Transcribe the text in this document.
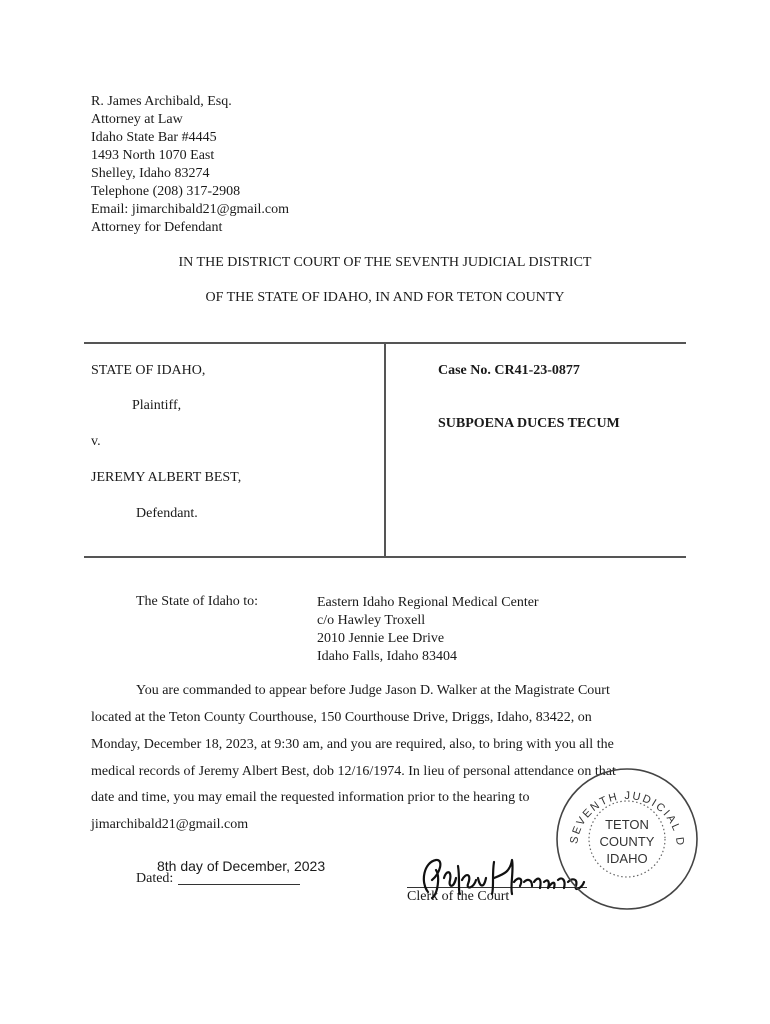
R. James Archibald, Esq.
Attorney at Law
Idaho State Bar #4445
1493 North 1070 East
Shelley, Idaho 83274
Telephone (208) 317-2908
Email: jimarchibald21@gmail.com
Attorney for Defendant
IN THE DISTRICT COURT OF THE SEVENTH JUDICIAL DISTRICT
OF THE STATE OF IDAHO, IN AND FOR TETON COUNTY
STATE OF IDAHO,
Plaintiff,
v.
JEREMY ALBERT BEST,
Defendant.
Case No. CR41-23-0877
SUBPOENA DUCES TECUM
The State of Idaho to:	Eastern Idaho Regional Medical Center
c/o Hawley Troxell
2010 Jennie Lee Drive
Idaho Falls, Idaho 83404
You are commanded to appear before Judge Jason D. Walker at the Magistrate Court
located at the Teton County Courthouse, 150 Courthouse Drive, Driggs, Idaho, 83422, on
Monday, December 18, 2023, at 9:30 am, and you are required, also, to bring with you all the
medical records of Jeremy Albert Best, dob 12/16/1974. In lieu of personal attendance on that
date and time, you may email the requested information prior to the hearing to
jimarchibald21@gmail.com
Dated:
8th day of December, 2023
Clerk of the Court
SEVENTH JUDICIAL D
TETON
COUNTY
IDAHO
